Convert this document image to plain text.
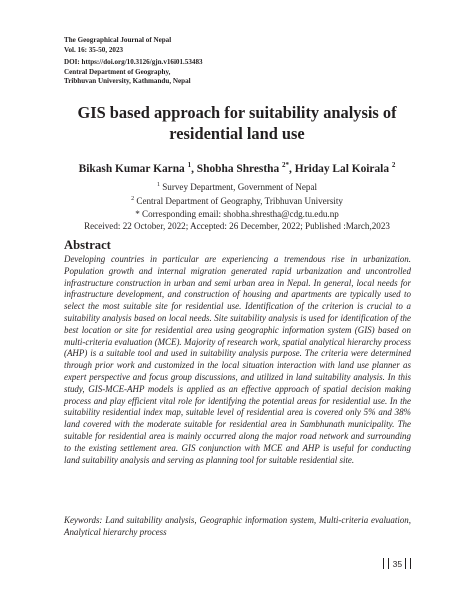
The Geographical Journal of Nepal
Vol. 16: 35-50, 2023
DOI: https://doi.org/10.3126/gjn.v16i01.53483
Central Department of Geography,
Tribhuvan University, Kathmandu, Nepal
GIS based approach for suitability analysis of
residential land use
Bikash Kumar Karna $^1$, Shobha Shrestha $^{2*}$, Hriday Lal Koirala $^2$
$^1$ Survey Department, Government of Nepal
$^2$ Central Department of Geography, Tribhuvan University
* Corresponding email: shobha.shrestha@cdg.tu.edu.np
Received: 22 October, 2022; Accepted: 26 December, 2022; Published :March,2023
Abstract

Developing countries in particular are experiencing a tremendous rise in urbanization. Population growth and internal migration generated rapid urbanization and uncontrolled infrastructure construction in urban and semi urban area in Nepal. In general, local needs for infrastructure development, and construction of housing and apartments are typically used to select the most suitable site for residential use. Identification of the criterion is crucial to a suitability analysis based on local needs. Site suitability analysis is used for identification of the best location or site for residential area using geographic information system (GIS) based on multi-criteria evaluation (MCE). Majority of research work, spatial analytical hierarchy process (AHP) is a suitable tool and used in suitability analysis purpose. The criteria were determined through prior work and customized in the local situation interaction with land use planner as expert perspective and focus group discussions, and utilized in land suitability analysis. In this study, GIS-MCE-AHP models is applied as an effective approach of spatial decision making process and play efficient vital role for identifying the potential areas for residential use. In the suitability residential index map, suitable level of residential area is covered only 5% and 38% land covered with the moderate suitable for residential area in Sambhunath municipality. The suitable for residential area is mainly occurred along the major road network and surrounding to the existing settlement area. GIS conjunction with MCE and AHP is useful for conducting land suitability analysis and serving as planning tool for suitable residential site.

Keywords: Land suitability analysis, Geographic information system, Multi-criteria evaluation, Analytical hierarchy process

35
